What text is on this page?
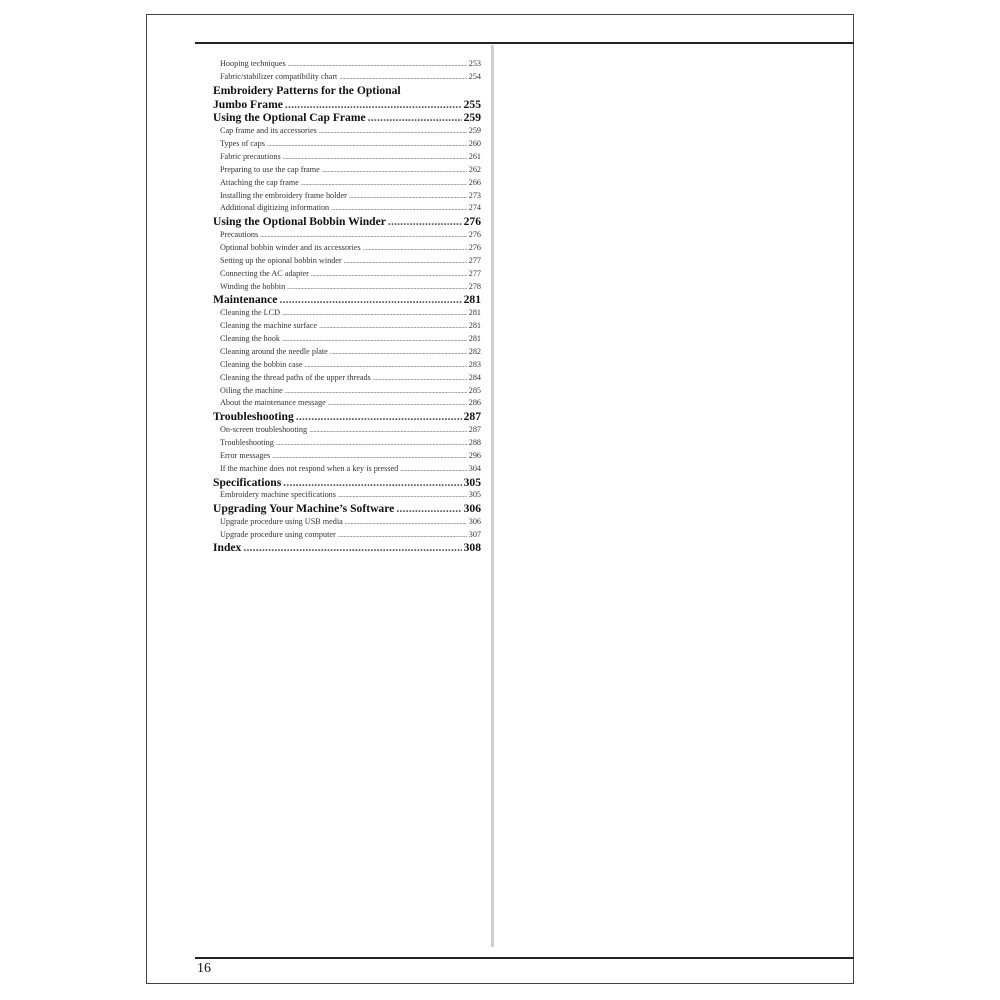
Hooping techniques .....	253
Fabric/stabilizer compatibility chart .....	254
Embroidery Patterns for the Optional
Jumbo Frame .....	255
Using the Optional Cap Frame .....	259
Cap frame and its accessories .....	259
Types of caps .....	260
Fabric precautions .....	261
Preparing to use the cap frame .....	262
Attaching the cap frame .....	266
Installing the embroidery frame holder .....	273
Additional digitizing information .....	274
Using the Optional Bobbin Winder .....	276
Precautions .....	276
Optional bobbin winder and its accessories .....	276
Setting up the opional bobbin winder .....	277
Connecting the AC adapter .....	277
Winding the bobbin .....	278
Maintenance .....	281
Cleaning the LCD .....	281
Cleaning the machine surface .....	281
Cleaning the hook .....	281
Cleaning around the needle plate .....	282
Cleaning the bobbin case .....	283
Cleaning the thread paths of the upper threads .....	284
Oiling the machine .....	285
About the maintenance message .....	286
Troubleshooting .....	287
On-screen troubleshooting .....	287
Troubleshooting .....	288
Error messages .....	296
If the machine does not respond when a key is pressed .....	304
Specifications .....	305
Embroidery machine specifications .....	305
Upgrading Your Machine’s Software .....	306
Upgrade procedure using USB media .....	306
Upgrade procedure using computer .....	307
Index .....	308
16
